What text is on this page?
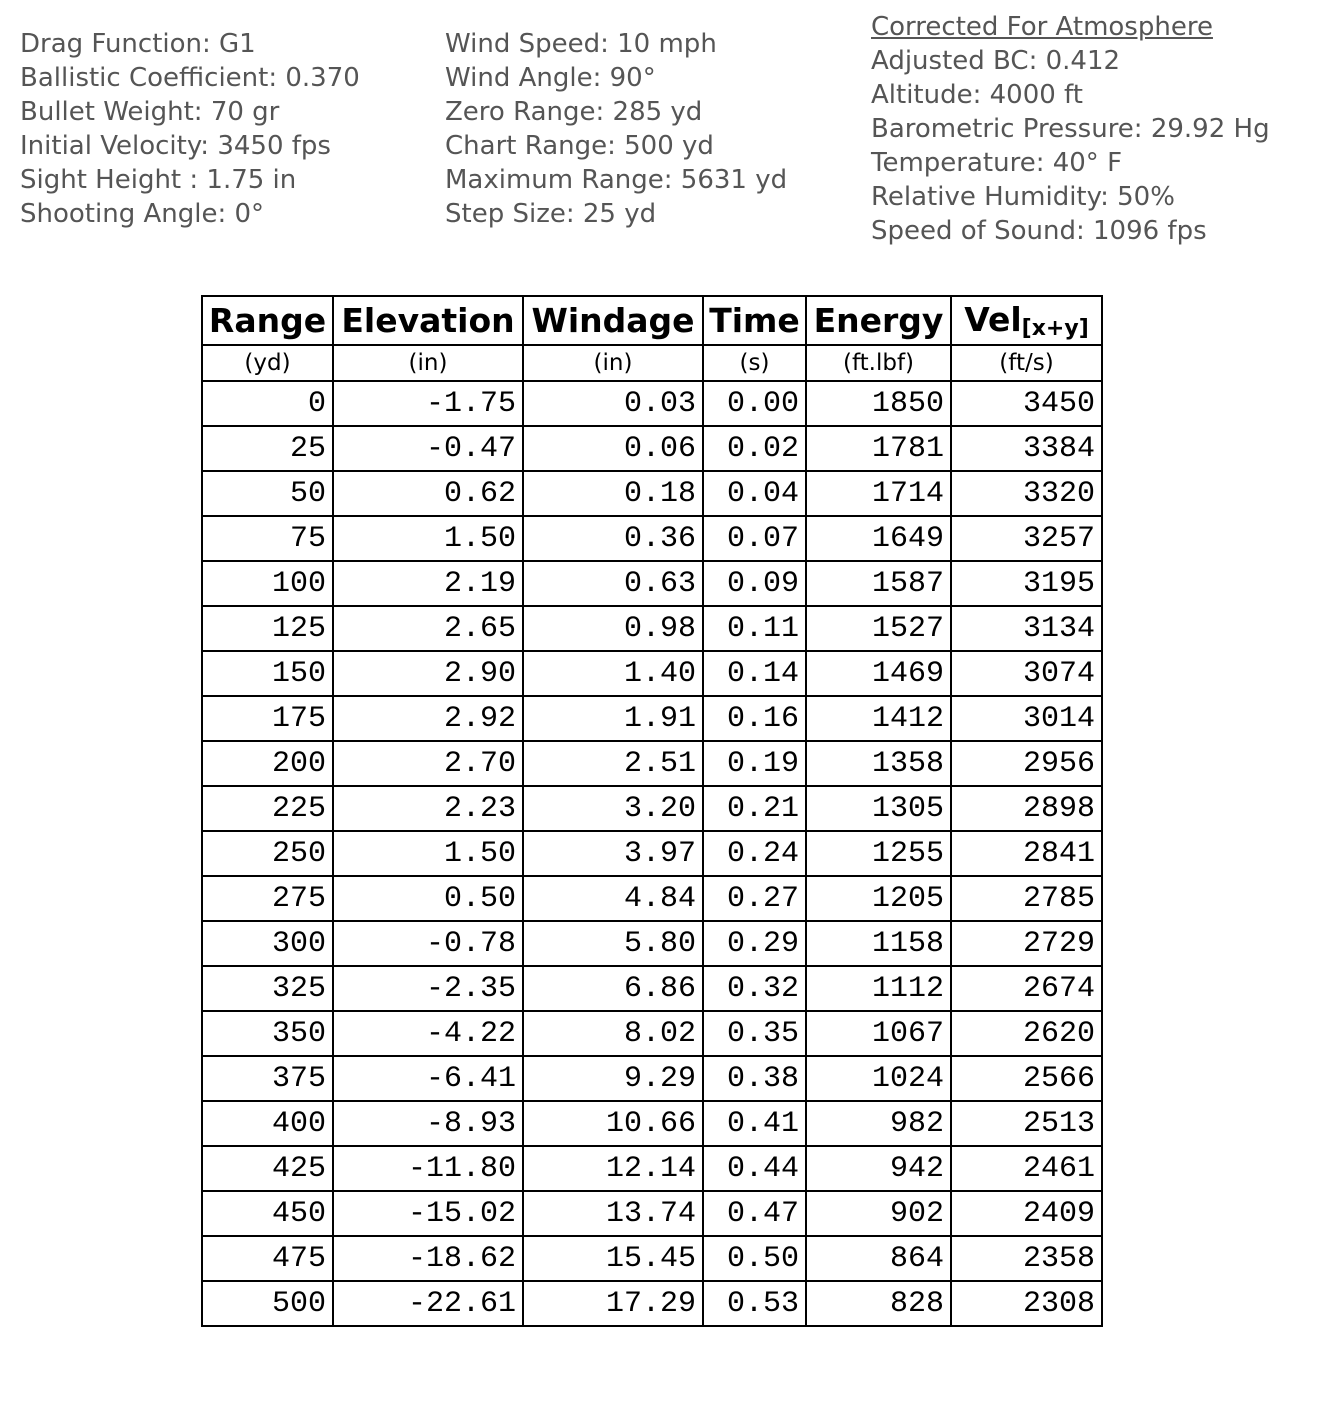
Drag Function: G1
Ballistic Coefficient: 0.370
Bullet Weight: 70 gr
Initial Velocity: 3450 fps
Sight Height : 1.75 in
Shooting Angle: 0°
Wind Speed: 10 mph
Wind Angle: 90°
Zero Range: 285 yd
Chart Range: 500 yd
Maximum Range: 5631 yd
Step Size: 25 yd
Corrected For Atmosphere
Adjusted BC: 0.412
Altitude: 4000 ft
Barometric Pressure: 29.92 Hg
Temperature: 40° F
Relative Humidity: 50%
Speed of Sound: 1096 fps
Range	Elevation	Windage	Time	Energy	Vel$_{[x+y]}$
(yd)	(in)	(in)	(s)	(ft.lbf)	(ft/s)
0	-1.75	0.03	0.00	1850	3450
25	-0.47	0.06	0.02	1781	3384
50	0.62	0.18	0.04	1714	3320
75	1.50	0.36	0.07	1649	3257
100	2.19	0.63	0.09	1587	3195
125	2.65	0.98	0.11	1527	3134
150	2.90	1.40	0.14	1469	3074
175	2.92	1.91	0.16	1412	3014
200	2.70	2.51	0.19	1358	2956
225	2.23	3.20	0.21	1305	2898
250	1.50	3.97	0.24	1255	2841
275	0.50	4.84	0.27	1205	2785
300	-0.78	5.80	0.29	1158	2729
325	-2.35	6.86	0.32	1112	2674
350	-4.22	8.02	0.35	1067	2620
375	-6.41	9.29	0.38	1024	2566
400	-8.93	10.66	0.41	982	2513
425	-11.80	12.14	0.44	942	2461
450	-15.02	13.74	0.47	902	2409
475	-18.62	15.45	0.50	864	2358
500	-22.61	17.29	0.53	828	2308
